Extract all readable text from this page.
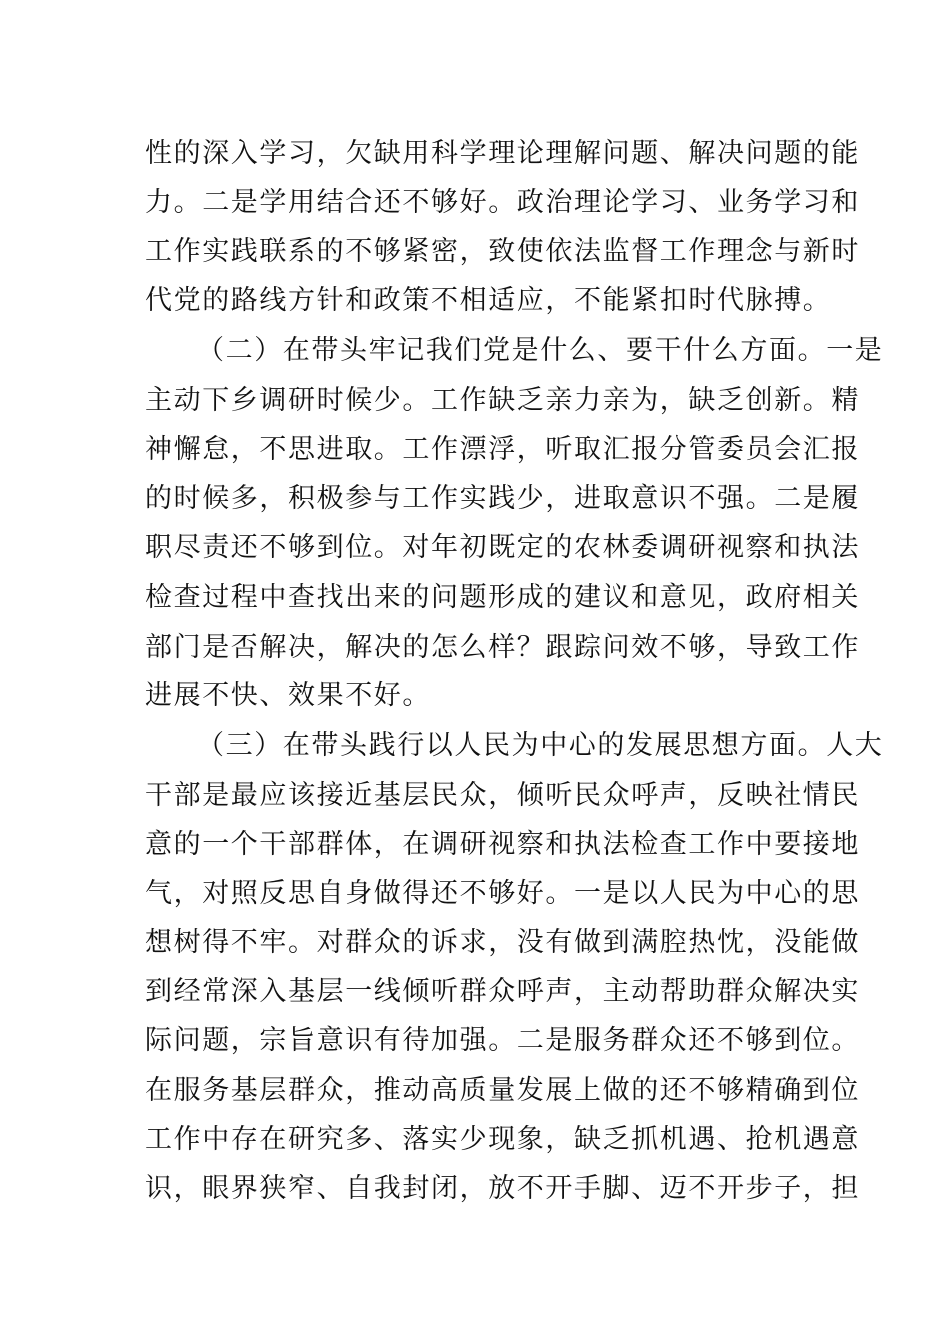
性的深入学习，欠缺用科学理论理解问题、解决问题的能
力。二是学用结合还不够好。政治理论学习、业务学习和
工作实践联系的不够紧密，致使依法监督工作理念与新时
代党的路线方针和政策不相适应，不能紧扣时代脉搏。
（二）在带头牢记我们党是什么、要干什么方面。一是
主动下乡调研时候少。工作缺乏亲力亲为，缺乏创新。精
神懈怠，不思进取。工作漂浮，听取汇报分管委员会汇报
的时候多，积极参与工作实践少，进取意识不强。二是履
职尽责还不够到位。对年初既定的农林委调研视察和执法
检查过程中查找出来的问题形成的建议和意见，政府相关
部门是否解决，解决的怎么样？跟踪问效不够，导致工作
进展不快、效果不好。
（三）在带头践行以人民为中心的发展思想方面。人大
干部是最应该接近基层民众，倾听民众呼声，反映社情民
意的一个干部群体，在调研视察和执法检查工作中要接地
气，对照反思自身做得还不够好。一是以人民为中心的思
想树得不牢。对群众的诉求，没有做到满腔热忱，没能做
到经常深入基层一线倾听群众呼声，主动帮助群众解决实
际问题，宗旨意识有待加强。二是服务群众还不够到位。
在服务基层群众，推动高质量发展上做的还不够精确到位
工作中存在研究多、落实少现象，缺乏抓机遇、抢机遇意
识，眼界狭窄、自我封闭，放不开手脚、迈不开步子，担
